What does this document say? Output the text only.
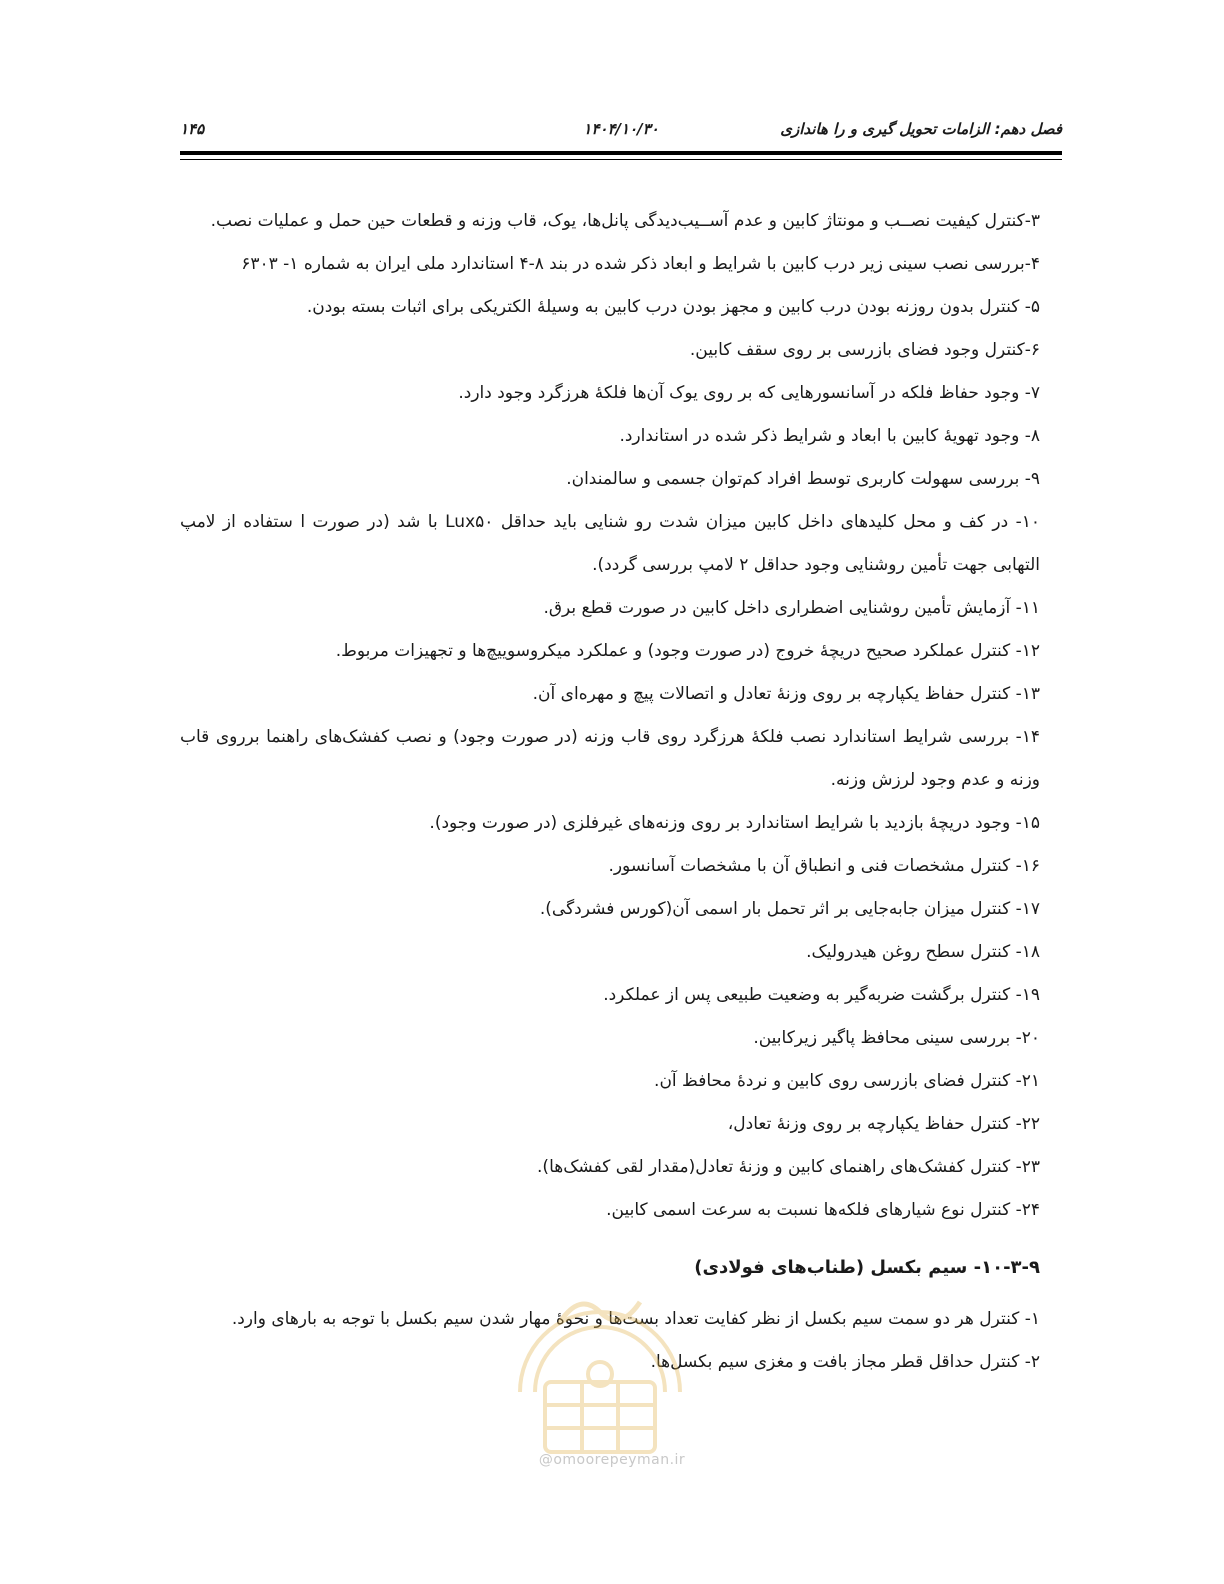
فصل دهم: الزامات تحویل گیری و را هاندازی
۱۴۰۴/۱۰/۳۰
۱۴۵

۳-کنترل کیفیت نصــب و مونتاژ کابین و عدم آســیب‌دیدگی پانل‌ها، یوک، قاب وزنه و قطعات حین حمل و عملیات نصب.

۴-بررسی نصب سینی زیر درب کابین با شرایط و ابعاد ذکر شده در بند ۸-۴ استاندارد ملی ایران به شماره ۱- ۶۳۰۳

۵- کنترل بدون روزنه بودن درب کابین و مجهز بودن درب کابین به وسیلهٔ الکتریکی برای اثبات بسته بودن.

۶-کنترل وجود فضای بازرسی بر روی سقف کابین.

۷- وجود حفاظ فلکه در آسانسورهایی که بر روی یوک آن‌ها فلکهٔ هرزگرد وجود دارد.

۸- وجود تهویهٔ کابین با ابعاد و شرایط ذکر شده در استاندارد.

۹- بررسی سهولت کاربری توسط افراد کم‌توان جسمی و سالمندان.

۱۰- در کف و محل کلیدهای داخل کابین میزان شدت رو شنایی باید حداقل Lux۵۰ با شد (در صورت ا ستفاده از لامپ التهابی جهت تأمین روشنایی وجود حداقل ۲ لامپ بررسی گردد).

۱۱- آزمایش تأمین روشنایی اضطراری داخل کابین در صورت قطع برق.

۱۲- کنترل عملکرد صحیح دریچهٔ خروج (در صورت وجود) و عملکرد میکروسوییچ‌ها و تجهیزات مربوط.

۱۳- کنترل حفاظ یکپارچه بر روی وزنهٔ تعادل و اتصالات پیچ و مهره‌ای آن.

۱۴- بررسی شرایط استاندارد نصب فلکهٔ هرزگرد روی قاب وزنه (در صورت وجود) و نصب کفشک‌های راهنما برروی قاب وزنه و عدم وجود لرزش وزنه.

۱۵- وجود دریچهٔ بازدید با شرایط استاندارد بر روی وزنه‌های غیرفلزی (در صورت وجود).

۱۶- کنترل مشخصات فنی و انطباق آن با مشخصات آسانسور.

۱۷- کنترل میزان جابه‌جایی بر اثر تحمل بار اسمی آن(کورس فشردگی).

۱۸- کنترل سطح روغن هیدرولیک.

۱۹- کنترل برگشت ضربه‌گیر به وضعیت طبیعی پس از عملکرد.

۲۰- بررسی سینی محافظ پاگیر زیرکابین.

۲۱- کنترل فضای بازرسی روی کابین و نردهٔ محافظ آن.

۲۲- کنترل حفاظ یکپارچه بر روی وزنهٔ تعادل،

۲۳- کنترل کفشک‌های راهنمای کابین و وزنهٔ تعادل(مقدار لقی کفشک‌ها).

۲۴- کنترل نوع شیارهای فلکه‌ها نسبت به سرعت اسمی کابین.

۱۰-۳-۹- سیم بکسل (طناب‌های فولادی)

۱- کنترل هر دو سمت سیم بکسل از نظر کفایت تعداد بست‌ها و نحوهٔ مهار شدن سیم بکسل با توجه به بارهای وارد.

۲- کنترل حداقل قطر مجاز بافت و مغزی سیم بکسل‌ها.

@omoorepeyman.ir
